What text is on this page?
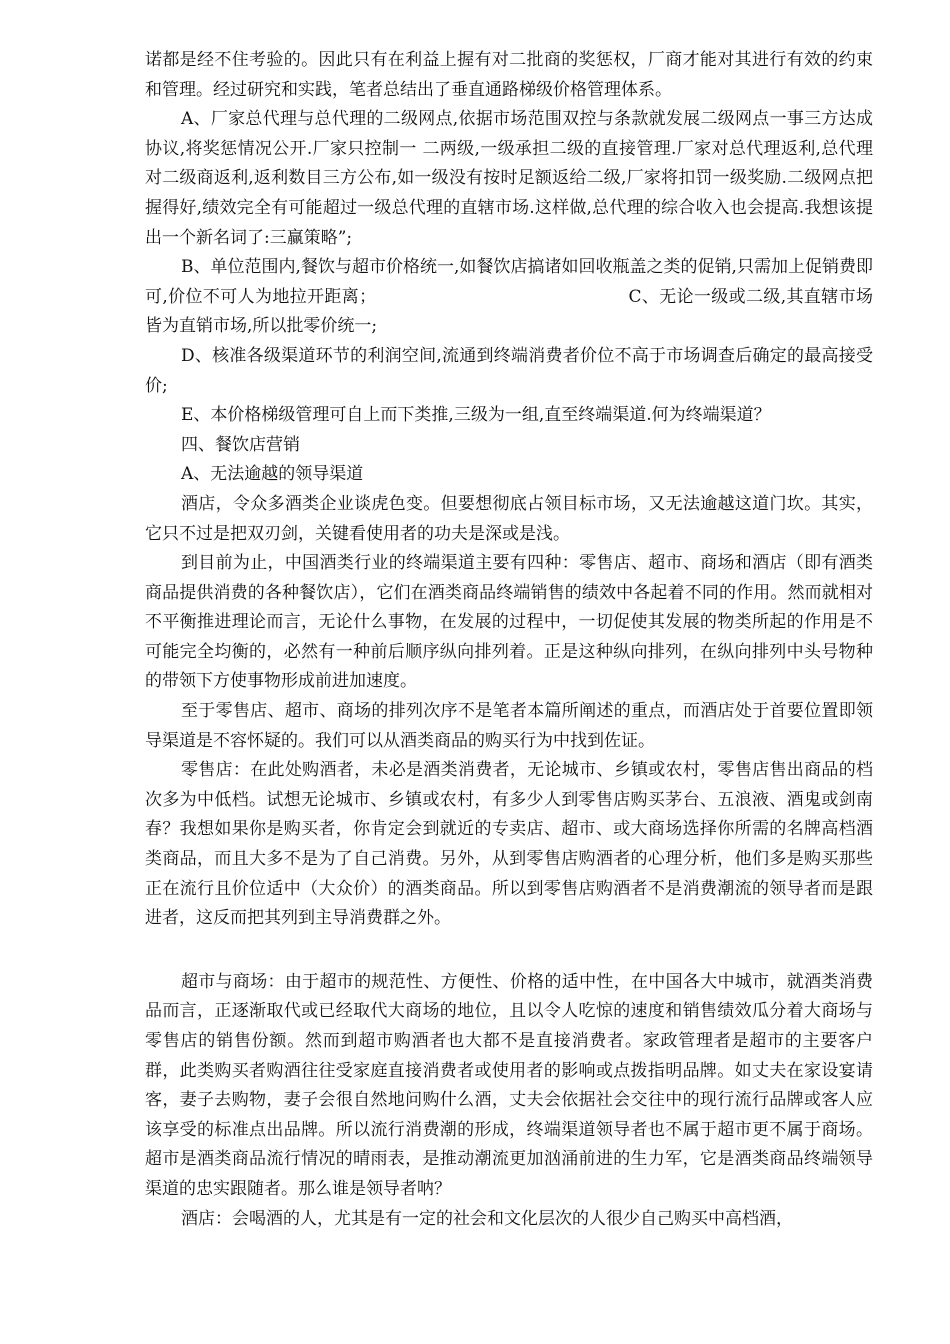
诺都是经不住考验的。因此只有在利益上握有对二批商的奖惩权，厂商才能对其进行有效的约束和管理。经过研究和实践，笔者总结出了垂直通路梯级价格管理体系。

A、厂家总代理与总代理的二级网点,依据市场范围双控与条款就发展二级网点一事三方达成协议,将奖惩情况公开.厂家只控制一 二两级,一级承担二级的直接管理.厂家对总代理返利,总代理对二级商返利,返利数目三方公布,如一级没有按时足额返给二级,厂家将扣罚一级奖励.二级网点把握得好,绩效完全有可能超过一级总代理的直辖市场.这样做,总代理的综合收入也会提高.我想该提出一个新名词了:三赢策略”;

B、单位范围内,餐饮与超市价格统一,如餐饮店搞诸如回收瓶盖之类的促销,只需加上促销费即可,价位不可人为地拉开距离；　　　　　　　　　　　　　　　C、无论一级或二级,其直辖市场皆为直销市场,所以批零价统一;

D、核准各级渠道环节的利润空间,流通到终端消费者价位不高于市场调查后确定的最高接受价;

E、本价格梯级管理可自上而下类推,三级为一组,直至终端渠道.何为终端渠道？

四、餐饮店营销

A、无法逾越的领导渠道

酒店，令众多酒类企业谈虎色变。但要想彻底占领目标市场，又无法逾越这道门坎。其实，它只不过是把双刃剑，关键看使用者的功夫是深或是浅。

到目前为止，中国酒类行业的终端渠道主要有四种：零售店、超市、商场和酒店（即有酒类商品提供消费的各种餐饮店），它们在酒类商品终端销售的绩效中各起着不同的作用。然而就相对不平衡推进理论而言，无论什么事物，在发展的过程中，一切促使其发展的物类所起的作用是不可能完全均衡的，必然有一种前后顺序纵向排列着。正是这种纵向排列，在纵向排列中头号物种的带领下方使事物形成前进加速度。

至于零售店、超市、商场的排列次序不是笔者本篇所阐述的重点，而酒店处于首要位置即领导渠道是不容怀疑的。我们可以从酒类商品的购买行为中找到佐证。

零售店：在此处购酒者，未必是酒类消费者，无论城市、乡镇或农村，零售店售出商品的档次多为中低档。试想无论城市、乡镇或农村，有多少人到零售店购买茅台、五浪液、酒鬼或剑南春？我想如果你是购买者，你肯定会到就近的专卖店、超市、或大商场选择你所需的名牌高档酒类商品，而且大多不是为了自己消费。另外，从到零售店购酒者的心理分析，他们多是购买那些正在流行且价位适中（大众价）的酒类商品。所以到零售店购酒者不是消费潮流的领导者而是跟进者，这反而把其列到主导消费群之外。

超市与商场：由于超市的规范性、方便性、价格的适中性，在中国各大中城市，就酒类消费品而言，正逐渐取代或已经取代大商场的地位，且以令人吃惊的速度和销售绩效瓜分着大商场与零售店的销售份额。然而到超市购酒者也大都不是直接消费者。家政管理者是超市的主要客户群，此类购买者购酒往往受家庭直接消费者或使用者的影响或点拨指明品牌。如丈夫在家设宴请客，妻子去购物，妻子会很自然地问购什么酒，丈夫会依据社会交往中的现行流行品牌或客人应该享受的标准点出品牌。所以流行消费潮的形成，终端渠道领导者也不属于超市更不属于商场。超市是酒类商品流行情况的晴雨表，是推动潮流更加汹涌前进的生力军，它是酒类商品终端领导渠道的忠实跟随者。那么谁是领导者呐？

酒店：会喝酒的人，尤其是有一定的社会和文化层次的人很少自己购买中高档酒，
